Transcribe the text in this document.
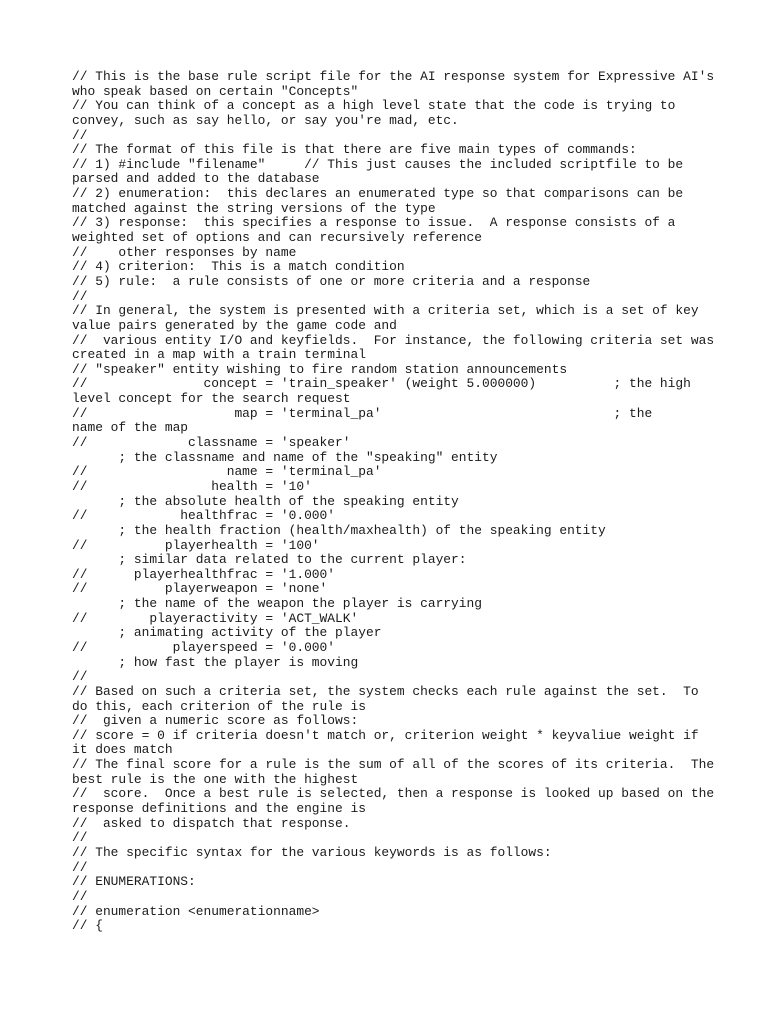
// This is the base rule script file for the AI response system for Expressive AI's
who speak based on certain "Concepts"
// You can think of a concept as a high level state that the code is trying to
convey, such as say hello, or say you're mad, etc.
//
// The format of this file is that there are five main types of commands:
// 1) #include "filename"     // This just causes the included scriptfile to be
parsed and added to the database
// 2) enumeration:  this declares an enumerated type so that comparisons can be
matched against the string versions of the type
// 3) response:  this specifies a response to issue.  A response consists of a
weighted set of options and can recursively reference
//    other responses by name
// 4) criterion:  This is a match condition
// 5) rule:  a rule consists of one or more criteria and a response
//
// In general, the system is presented with a criteria set, which is a set of key
value pairs generated by the game code and
//  various entity I/O and keyfields.  For instance, the following criteria set was
created in a map with a train terminal
// "speaker" entity wishing to fire random station announcements
//               concept = 'train_speaker' (weight 5.000000)          ; the high
level concept for the search request
//                   map = 'terminal_pa'                              ; the
name of the map
//             classname = 'speaker'
; the classname and name of the "speaking" entity
//                  name = 'terminal_pa'
//                health = '10'
; the absolute health of the speaking entity
//            healthfrac = '0.000'
; the health fraction (health/maxhealth) of the speaking entity
//          playerhealth = '100'
; similar data related to the current player:
//      playerhealthfrac = '1.000'
//          playerweapon = 'none'
; the name of the weapon the player is carrying
//        playeractivity = 'ACT_WALK'
; animating activity of the player
//           playerspeed = '0.000'
; how fast the player is moving
//
// Based on such a criteria set, the system checks each rule against the set.  To
do this, each criterion of the rule is
//  given a numeric score as follows:
// score = 0 if criteria doesn't match or, criterion weight * keyvaliue weight if
it does match
// The final score for a rule is the sum of all of the scores of its criteria.  The
best rule is the one with the highest
//  score.  Once a best rule is selected, then a response is looked up based on the
response definitions and the engine is
//  asked to dispatch that response.
//
// The specific syntax for the various keywords is as follows:
//
// ENUMERATIONS:
//
// enumeration <enumerationname>
// {
